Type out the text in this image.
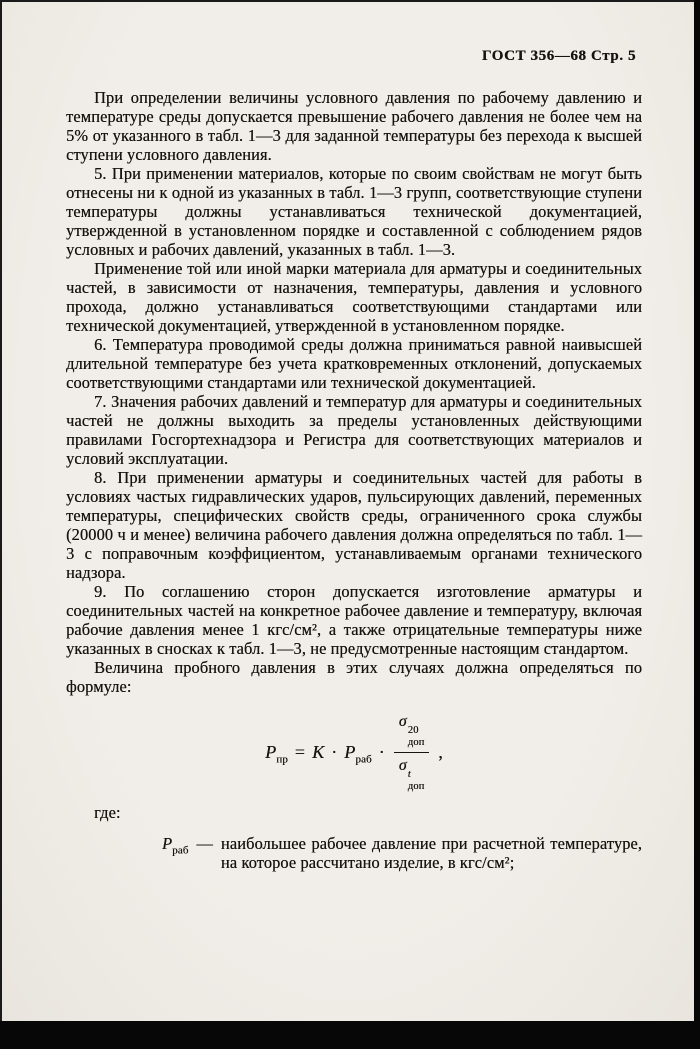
ГОСТ 356—68 Стр. 5

При определении величины условного давления по рабочему давлению и температуре среды допускается превышение рабочего давления не более чем на 5% от указанного в табл. 1—3 для заданной температуры без перехода к высшей ступени условного давления.

5. При применении материалов, которые по своим свойствам не могут быть отнесены ни к одной из указанных в табл. 1—3 групп, соответствующие ступени температуры должны устанавливаться технической документацией, утвержденной в установленном порядке и составленной с соблюдением рядов условных и рабочих давлений, указанных в табл. 1—3.

Применение той или иной марки материала для арматуры и соединительных частей, в зависимости от назначения, температуры, давления и условного прохода, должно устанавливаться соответствующими стандартами или технической документацией, утвержденной в установленном порядке.

6. Температура проводимой среды должна приниматься равной наивысшей длительной температуре без учета кратковременных отклонений, допускаемых соответствующими стандартами или технической документацией.

7. Значения рабочих давлений и температур для арматуры и соединительных частей не должны выходить за пределы установленных действующими правилами Госгортехнадзора и Регистра для соответствующих материалов и условий эксплуатации.

8. При применении арматуры и соединительных частей для работы в условиях частых гидравлических ударов, пульсирующих давлений, переменных температуры, специфических свойств среды, ограниченного срока службы (20000 ч и менее) величина рабочего давления должна определяться по табл. 1—3 с поправочным коэффициентом, устанавливаемым органами технического надзора.

9. По соглашению сторон допускается изготовление арматуры и соединительных частей на конкретное рабочее давление и температуру, включая рабочие давления менее 1 кгс/см², а также отрицательные температуры ниже указанных в сносках к табл. 1—3, не предусмотренные настоящим стандартом.

Величина пробного давления в этих случаях должна определяться по формуле:

$P_{пр} = K \cdot P_{раб} \cdot \sigma$
20
доп
σ
t
доп ,

где:

$P_{раб}$ — наибольшее рабочее давление при расчетной температуре, на которое рассчитано изделие, в кгс/см²;
